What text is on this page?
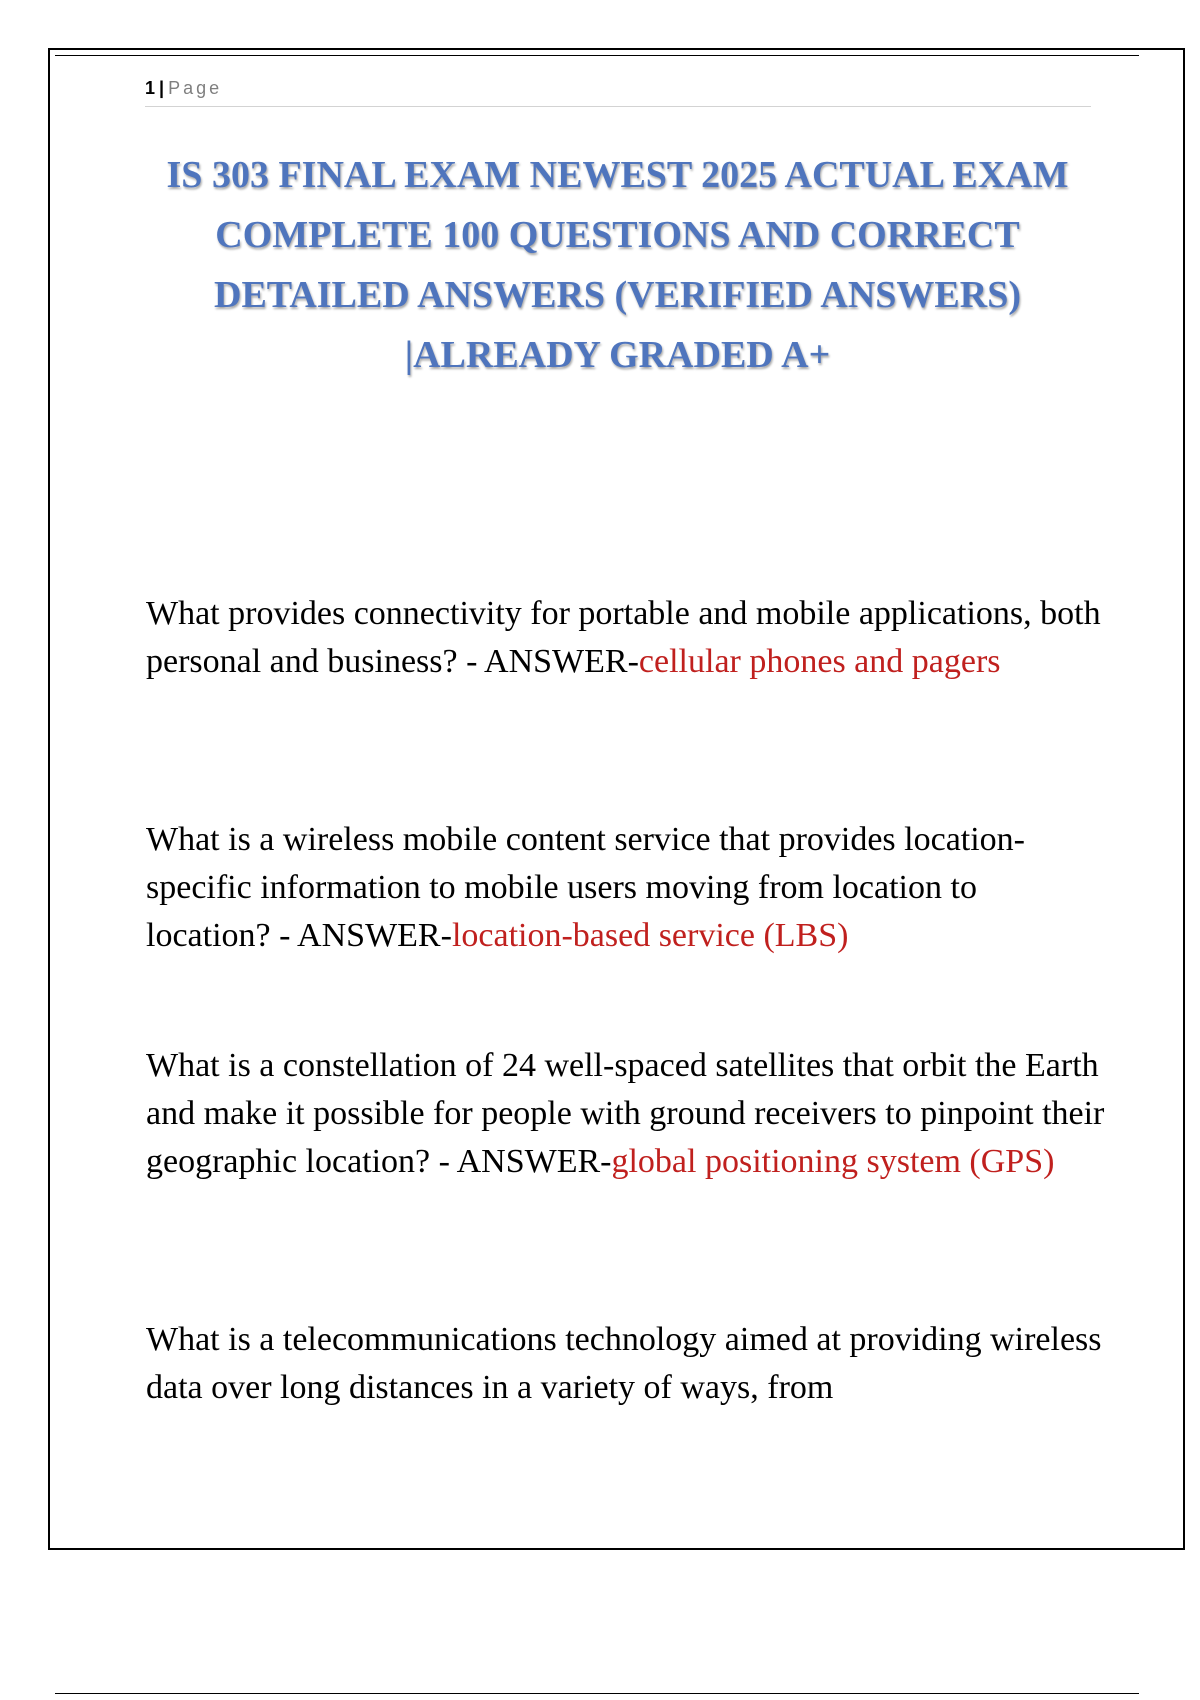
1 | Page
IS 303 FINAL EXAM NEWEST 2025 ACTUAL EXAM COMPLETE 100 QUESTIONS AND CORRECT DETAILED ANSWERS (VERIFIED ANSWERS) |ALREADY GRADED A+
What provides connectivity for portable and mobile applications, both personal and business? - ANSWER-cellular phones and pagers
What is a wireless mobile content service that provides location-specific information to mobile users moving from location to location? - ANSWER-location-based service (LBS)
What is a constellation of 24 well-spaced satellites that orbit the Earth and make it possible for people with ground receivers to pinpoint their geographic location? - ANSWER-global positioning system (GPS)
What is a telecommunications technology aimed at providing wireless data over long distances in a variety of ways, from
